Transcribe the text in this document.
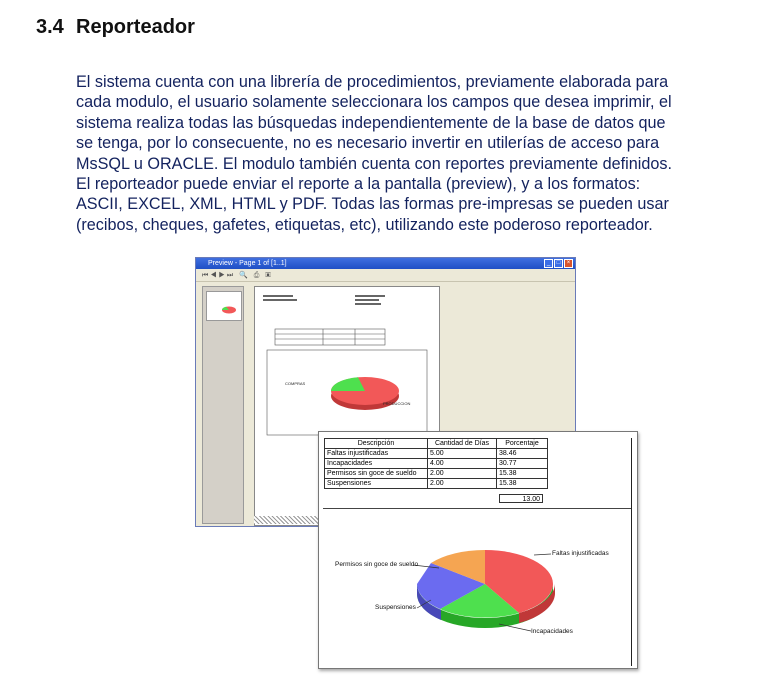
3.4 Reporteador
El sistema cuenta con una librería de procedimientos, previamente elaborada para
cada modulo, el usuario solamente seleccionara los campos que desea imprimir, el
sistema realiza todas las búsquedas independientemente de la base de datos que
se tenga, por lo consecuente, no es necesario invertir en utilerías de acceso para
MsSQL u ORACLE. El modulo también cuenta con reportes previamente definidos.
El reporteador puede enviar el reporte a la pantalla (preview), y a los formatos:
ASCII, EXCEL, XML, HTML y PDF. Todas las formas pre-impresas se pueden usar
(recibos, cheques, gafetes, etiquetas, etc), utilizando este poderoso reporteador.
Preview - Page 1 of [1..1]	_	□	×
⏮◀▶⏭ 🔍 ⎙ ▣
COMPRAS
PRODUCCION
Descripción	Cantidad de Días	Porcentaje
Faltas injustificadas	5.00	38.46
Incapacidades	4.00	30.77
Permisos sin goce de sueldo	2.00	15.38
Suspensiones	2.00	15.38
13.00
Faltas injustificadas
Incapacidades
Permisos sin goce de sueldo
Suspensiones
